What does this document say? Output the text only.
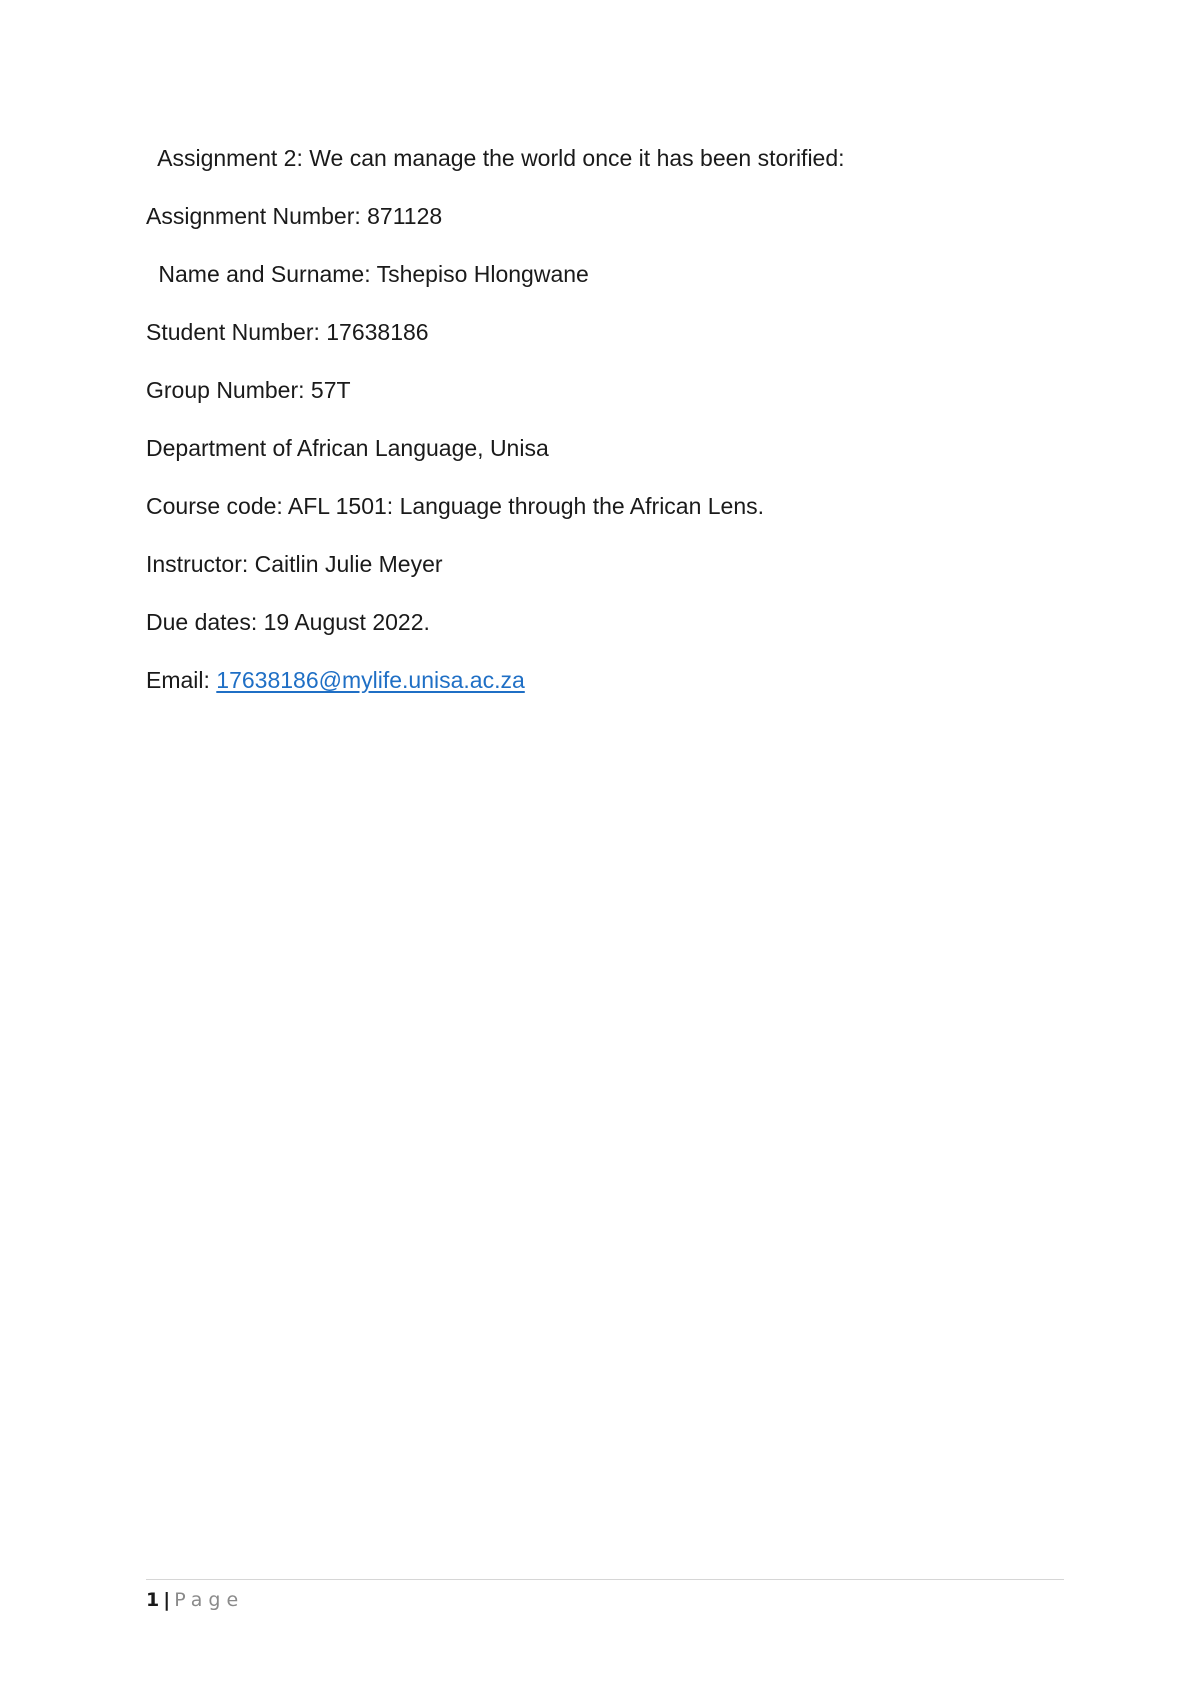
Assignment 2: We can manage the world once it has been storified:
Assignment Number: 871128
Name and Surname: Tshepiso Hlongwane
Student Number: 17638186
Group Number: 57T
Department of African Language, Unisa
Course code: AFL 1501: Language through the African Lens.
Instructor: Caitlin Julie Meyer
Due dates: 19 August 2022.
Email: 17638186@mylife.unisa.ac.za
1 | Page
